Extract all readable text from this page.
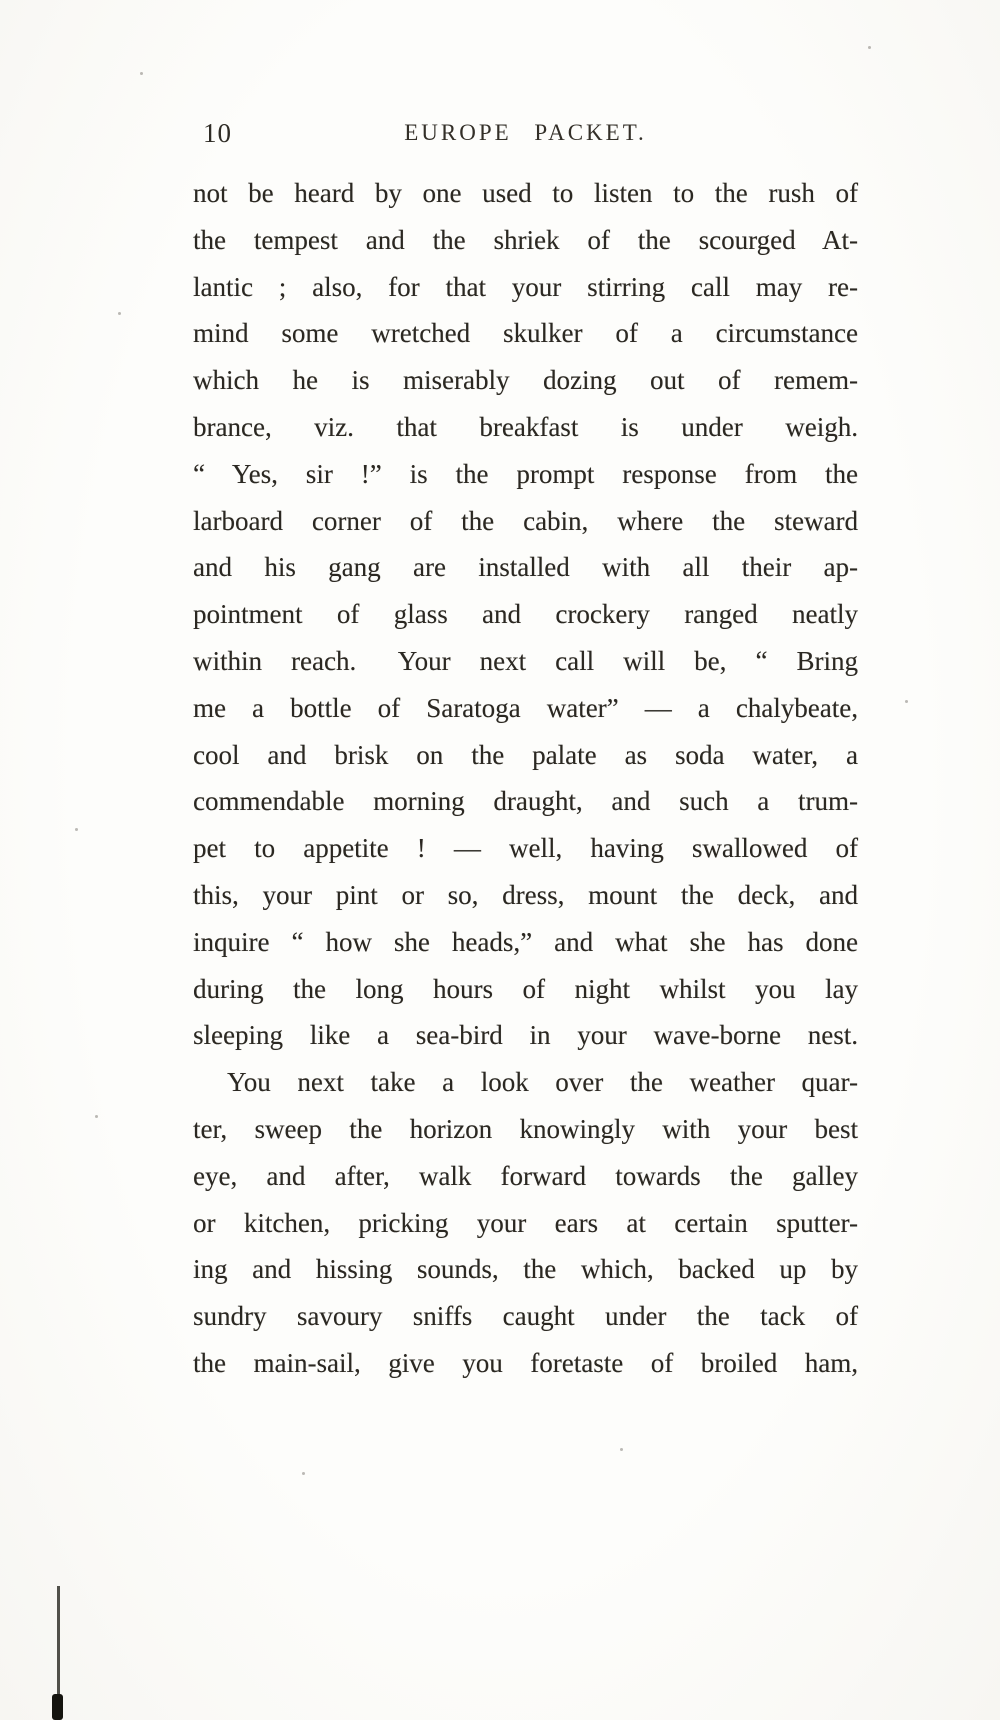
10	EUROPE PACKET.
not be heard by one used to listen to the rush of
the tempest and the shriek of the scourged At-
lantic ; also, for that your stirring call may re-
mind some wretched skulker of a circumstance
which he is miserably dozing out of remem-
brance, viz. that breakfast is under weigh.
“ Yes, sir !” is the prompt response from the
larboard corner of the cabin, where the steward
and his gang are installed with all their ap-
pointment of glass and crockery ranged neatly
within reach.  Your next call will be, “ Bring
me a bottle of Saratoga water” — a chalybeate,
cool and brisk on the palate as soda water, a
commendable morning draught, and such a trum-
pet to appetite ! — well, having swallowed of
this, your pint or so, dress, mount the deck, and
inquire “ how she heads,” and what she has done
during the long hours of night whilst you lay
sleeping like a sea-bird in your wave-borne nest.
You next take a look over the weather quar-
ter, sweep the horizon knowingly with your best
eye, and after, walk forward towards the galley
or kitchen, pricking your ears at certain sputter-
ing and hissing sounds, the which, backed up by
sundry savoury sniffs caught under the tack of
the main-sail, give you foretaste of broiled ham,
